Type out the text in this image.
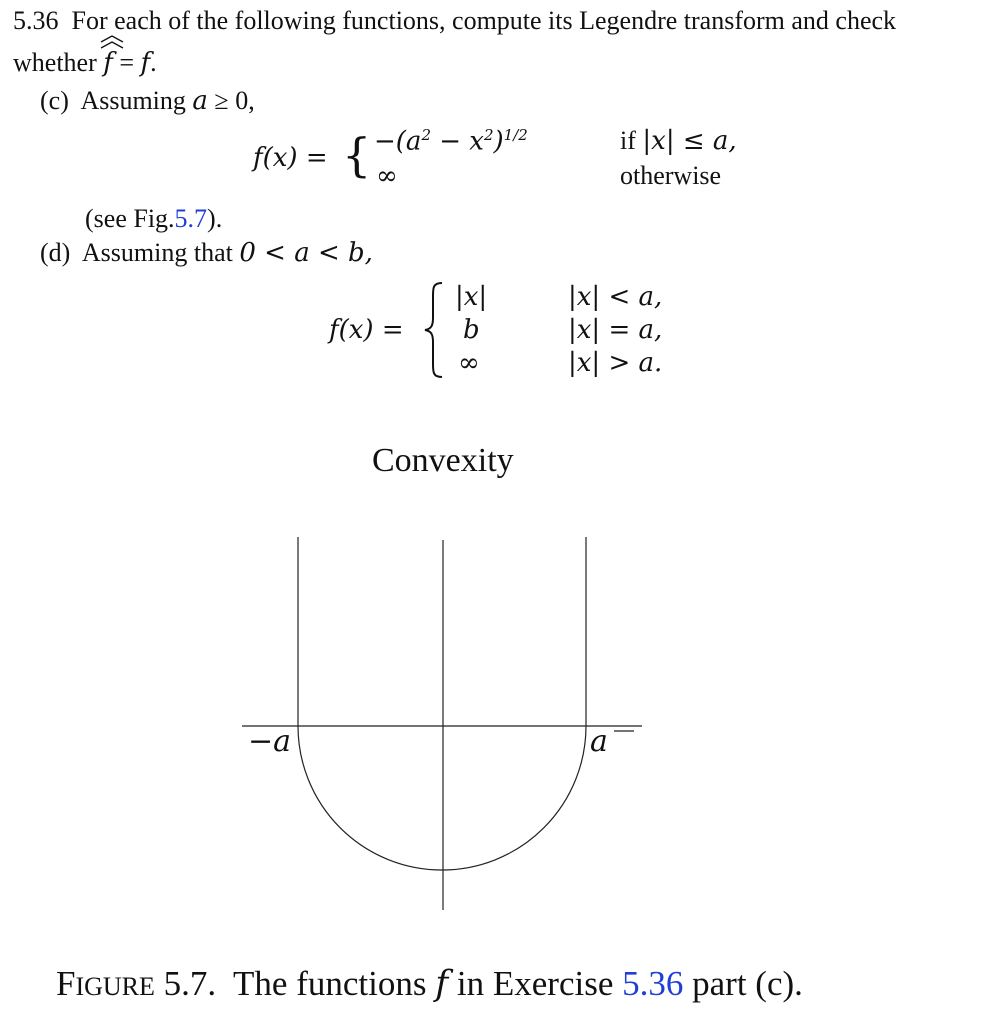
5.36 For each of the following functions, compute its Legendre transform and check
whether f = f.
(c) Assuming a ≥ 0,
f(x) = { $-(a^2 - x^2)^{1/2}$
∞
if |x| ≤ a,
otherwise
(see Fig.5.7).
(d) Assuming that 0 < a < b,
f(x) =
|x|
b
∞
|x| < a,
|x| = a,
|x| > a.
Convexity
−a	a
FIGURE 5.7.  The functions f in Exercise 5.36 part (c).
